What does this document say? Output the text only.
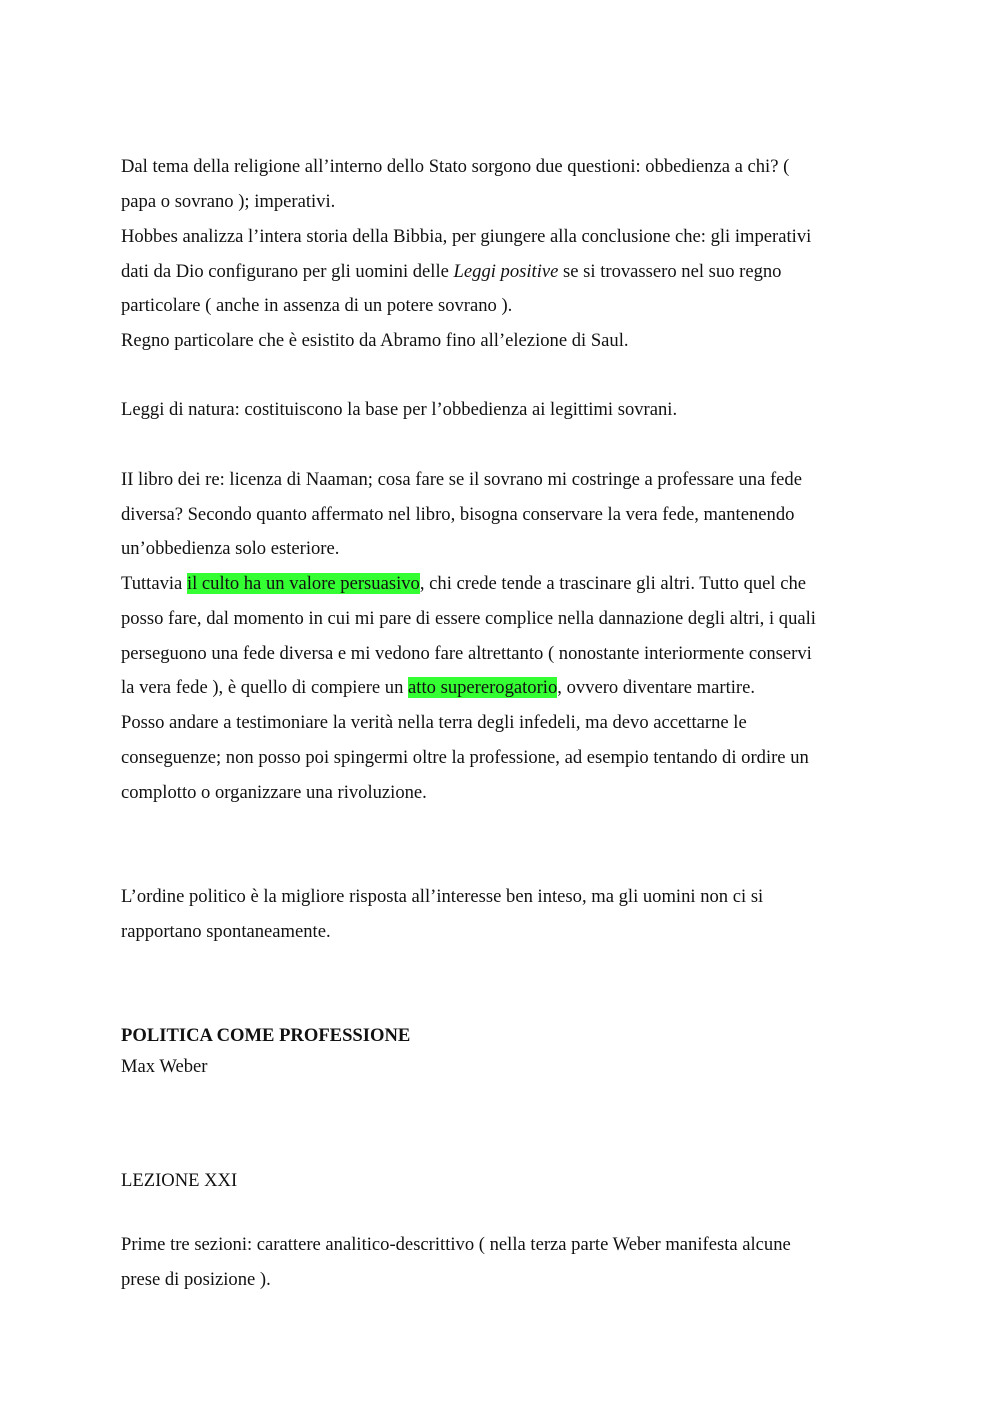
Dal tema della religione all’interno dello Stato sorgono due questioni: obbedienza a chi? (
papa o sovrano ); imperativi.
Hobbes analizza l’intera storia della Bibbia, per giungere alla conclusione che: gli imperativi
dati da Dio configurano per gli uomini delle Leggi positive se si trovassero nel suo regno
particolare ( anche in assenza di un potere sovrano ).
Regno particolare che è esistito da Abramo fino all’elezione di Saul.
Leggi di natura: costituiscono la base per l’obbedienza ai legittimi sovrani.
II libro dei re: licenza di Naaman; cosa fare se il sovrano mi costringe a professare una fede
diversa? Secondo quanto affermato nel libro, bisogna conservare la vera fede, mantenendo
un’obbedienza solo esteriore.
Tuttavia il culto ha un valore persuasivo, chi crede tende a trascinare gli altri. Tutto quel che
posso fare, dal momento in cui mi pare di essere complice nella dannazione degli altri, i quali
perseguono una fede diversa e mi vedono fare altrettanto ( nonostante interiormente conservi
la vera fede ), è quello di compiere un atto supererogatorio, ovvero diventare martire.
Posso andare a testimoniare la verità nella terra degli infedeli, ma devo accettarne le
conseguenze; non posso poi spingermi oltre la professione, ad esempio tentando di ordire un
complotto o organizzare una rivoluzione.
L’ordine politico è la migliore risposta all’interesse ben inteso, ma gli uomini non ci si
rapportano spontaneamente.
POLITICA COME PROFESSIONE
Max Weber
LEZIONE XXI
Prime tre sezioni: carattere analitico-descrittivo ( nella terza parte Weber manifesta alcune
prese di posizione ).
